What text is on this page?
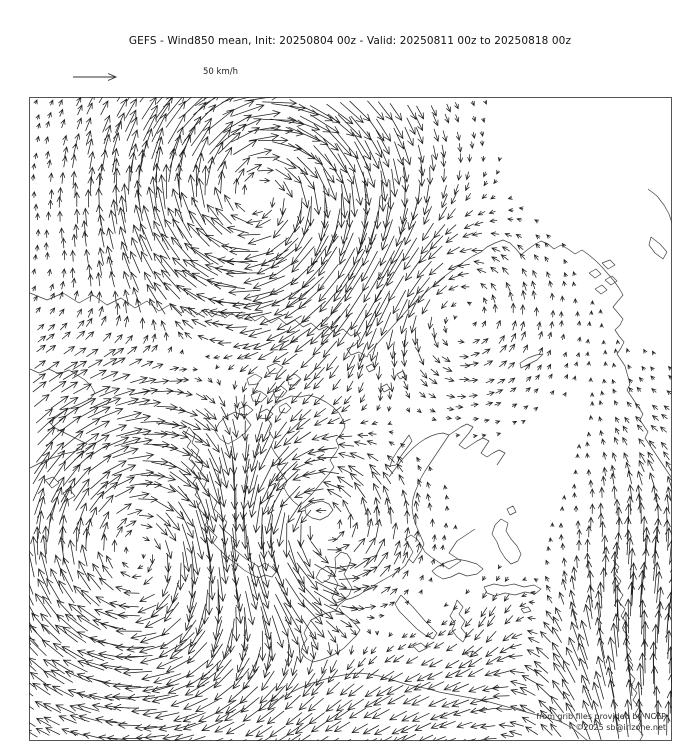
GEFS - Wind850 mean, Init: 20250804 00z - Valid: 20250811 00z to 20250818 00z
50 km/h
from grib files provided by NCEP
©2025 sb@irizone.net
